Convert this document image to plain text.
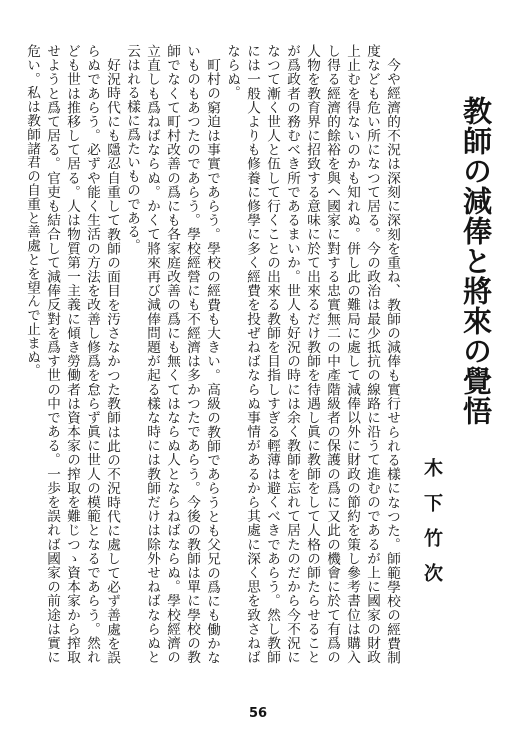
教師の減俸と將來の覺悟
木下竹次

今や經濟的不況は深刻に深刻を重ね、教師の減俸も實行せられる樣になつた。師範學校の經費制度なども危い所になつて居る。今の政治は最少抵抗の線路に沿うて進むのであるが上に國家の財政上止むを得ないのかも知れぬ。併し此の難局に處して減俸以外に財政の節約を策し參考書位は購入し得る經濟的餘裕を與へ國家に對する忠實無二の中產階級者の保護の爲に又此の機會に於て有爲の人物を教育界に招致する意味に於て出來るだけ教師を待遇し眞に教師をして人格の師たらせることが爲政者の務むべき所であるまいか。世人も好況の時には余く教師を忘れて居たのだから今不況になつて漸く世人と伍して行くことの出來る教師を目指しすぎる輕薄は避くべきであらう。然し教師には一般人よりも修養に修學に多く經費を投ぜねばならぬ事情があるから其處に深く思を致さねばならぬ。

町村の窮迫は事實であらう。學校の經費も大きい。高級の教師であらうとも父兄の爲にも働かないものもあつたのであらう。學校經營にも不經濟は多かつたであらう。今後の教師は單に學校の教師でなくて町村改善の爲にも各家庭改善の爲にも無くてはならぬ人とならねばならぬ。學校經濟の立直しも爲ねばならぬ。かくて將來再び減俸問題が起る樣な時には教師だけは除外せねばならぬと云はれる樣に爲たいものである。

好況時代にも隱忍自重して教師の面目を汚さなかつた教師は此の不況時代に處して必ず善處を誤らぬであらう。必ずや能く生活の方法を改善し修爲を怠らず眞に世人の模範となるであらう。然れども世は推移して居る。人は物質第一主義に傾き勞働者は資本家の搾取を難じつゝ資本家から搾取せようと爲て居る。官吏も結合して減俸反對を爲す世の中である。一歩を誤れば國家の前途は實に危い。私は教師諸君の自重と善處とを望んで止まぬ。

56
